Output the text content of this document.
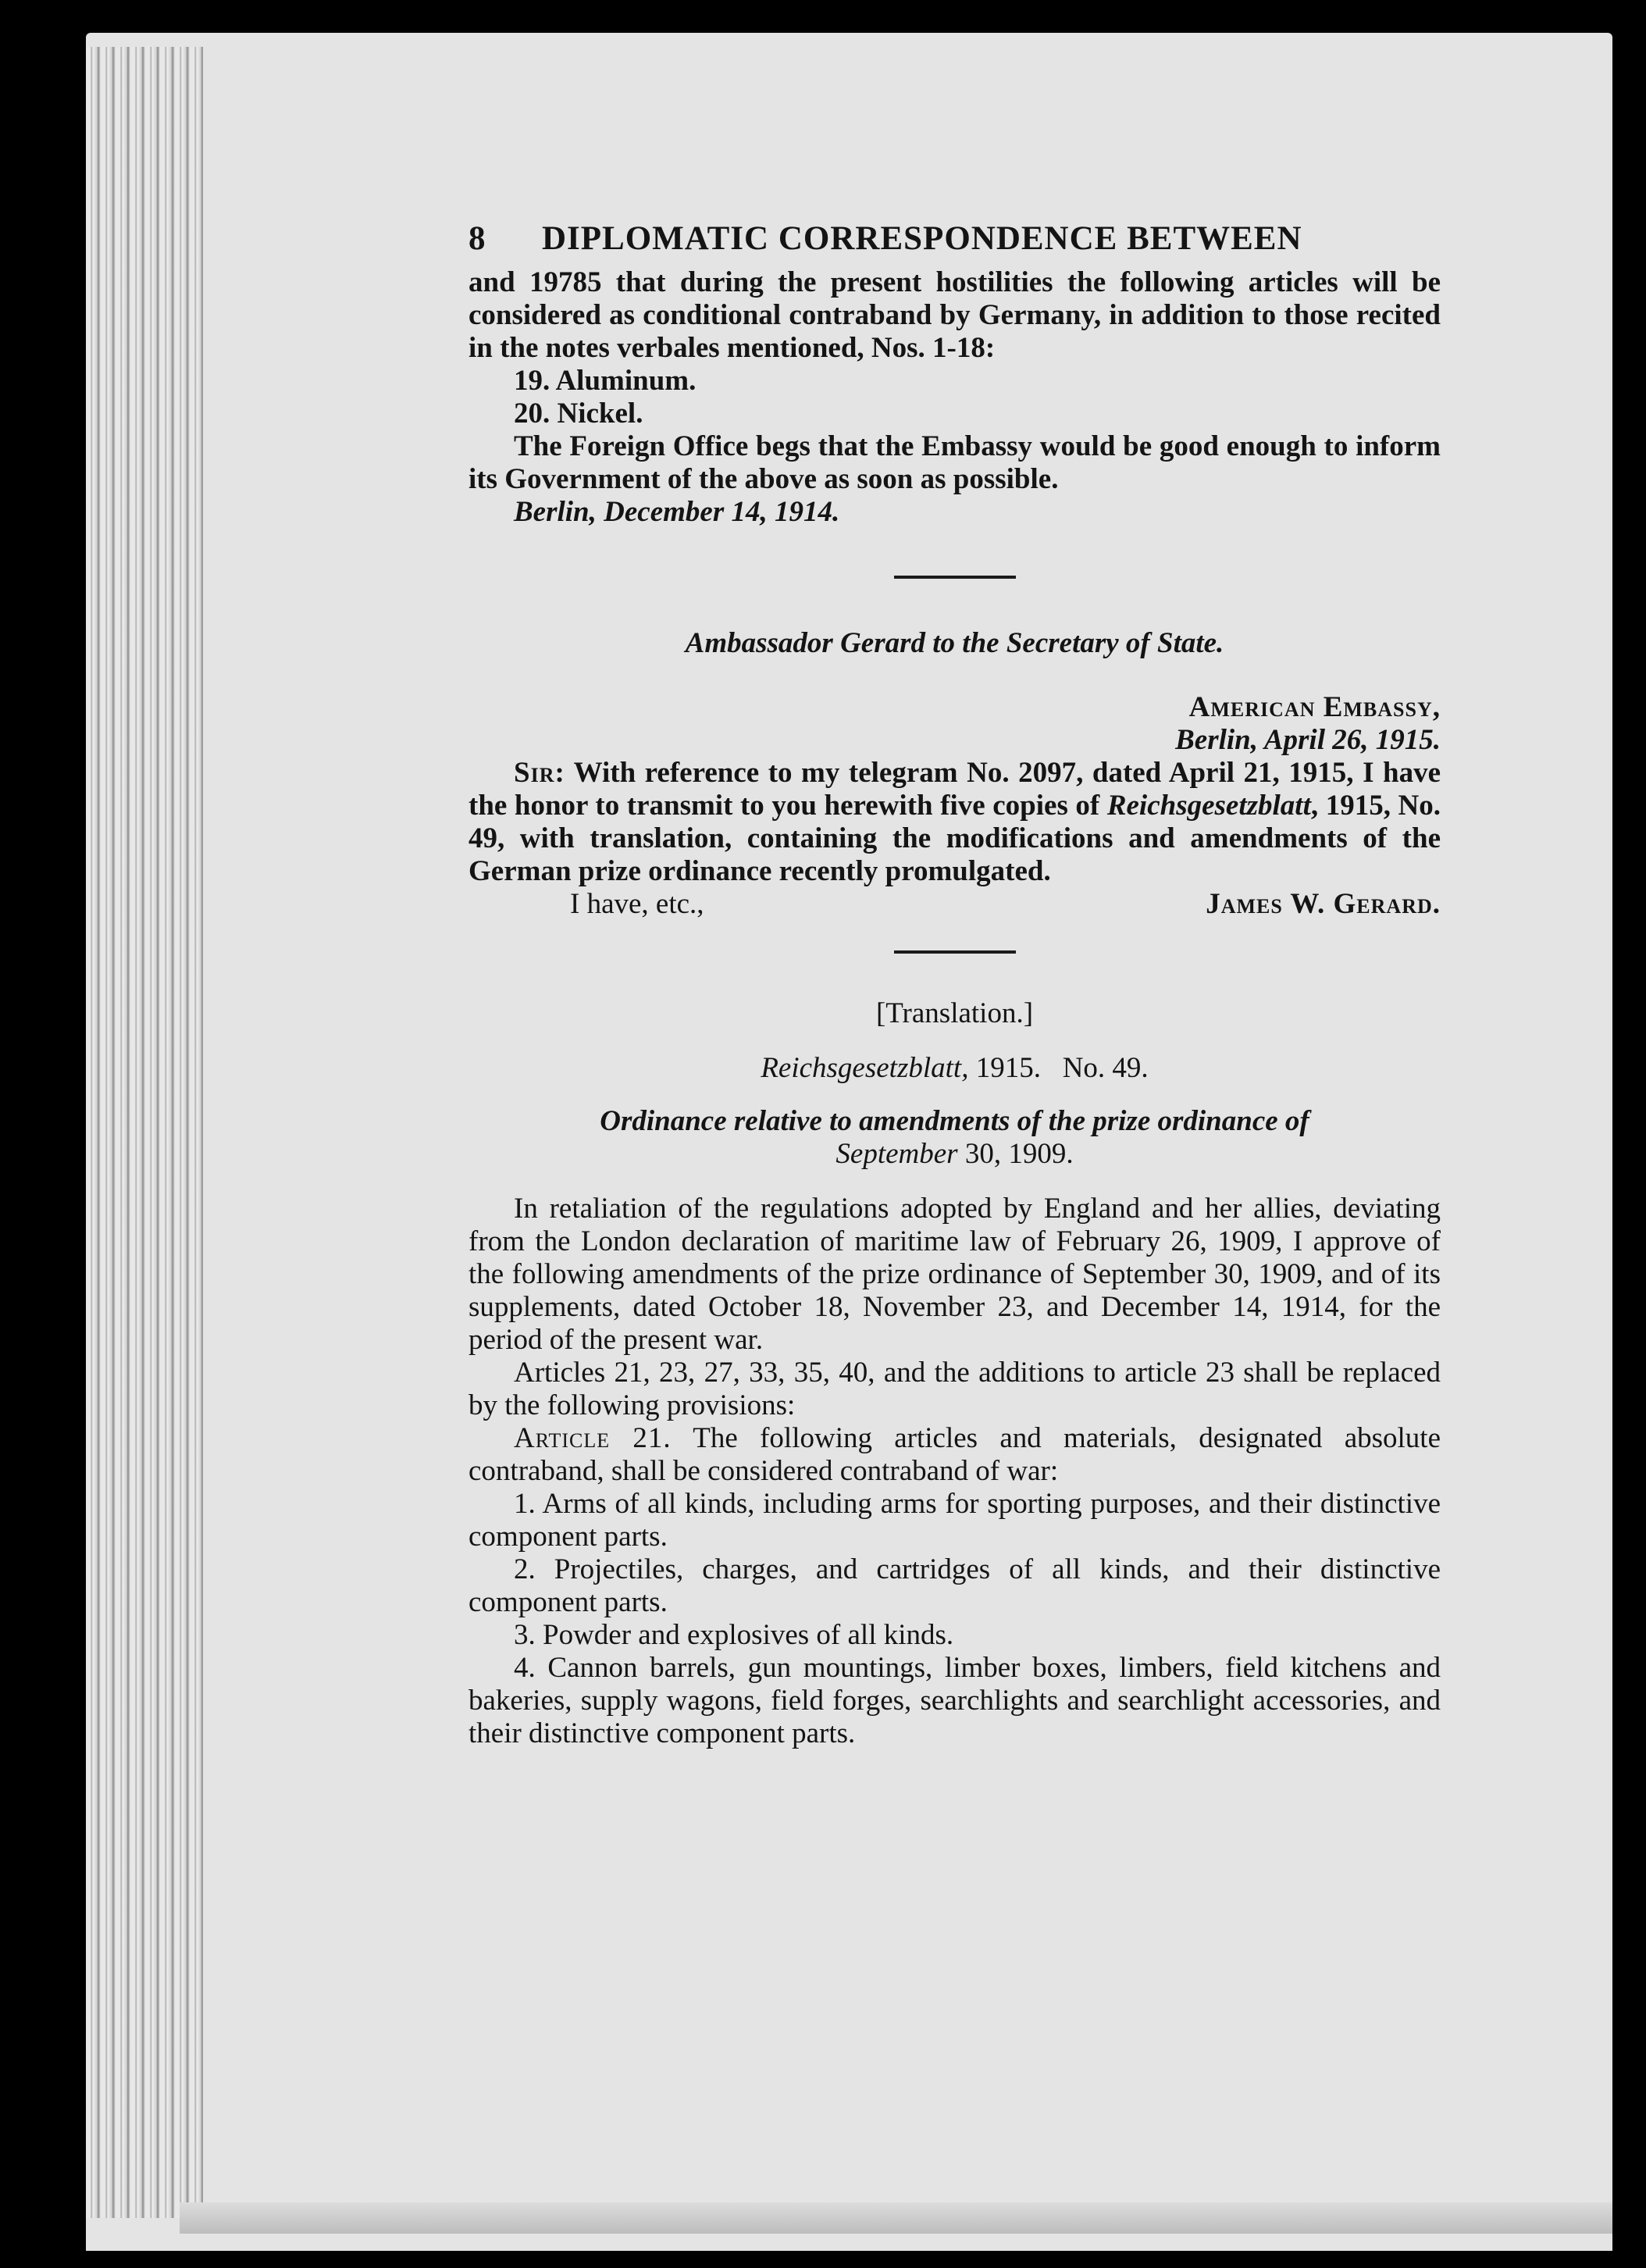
8	DIPLOMATIC CORRESPONDENCE BETWEEN

and 19785 that during the present hostilities the following articles will be considered as conditional contraband by Germany, in addition to those recited in the notes verbales mentioned, Nos. 1-18:

19. Aluminum.

20. Nickel.

The Foreign Office begs that the Embassy would be good enough to inform its Government of the above as soon as possible.

Berlin, December 14, 1914.

Ambassador Gerard to the Secretary of State.

American Embassy,

Berlin, April 26, 1915.

Sir: With reference to my telegram No. 2097, dated April 21, 1915, I have the honor to transmit to you herewith five copies of Reichsgesetzblatt, 1915, No. 49, with translation, containing the modifications and amendments of the German prize ordinance recently promulgated.

I have, etc.,	James W. Gerard.

[Translation.]

Reichsgesetzblatt, 1915.   No. 49.

Ordinance relative to amendments of the prize ordinance of

September 30, 1909.

In retaliation of the regulations adopted by England and her allies, deviating from the London declaration of maritime law of February 26, 1909, I approve of the following amendments of the prize ordinance of September 30, 1909, and of its supplements, dated October 18, November 23, and December 14, 1914, for the period of the present war.

Articles 21, 23, 27, 33, 35, 40, and the additions to article 23 shall be replaced by the following provisions:

Article 21. The following articles and materials, designated absolute contraband, shall be considered contraband of war:

1. Arms of all kinds, including arms for sporting purposes, and their distinctive component parts.

2. Projectiles, charges, and cartridges of all kinds, and their distinctive component parts.

3. Powder and explosives of all kinds.

4. Cannon barrels, gun mountings, limber boxes, limbers, field kitchens and bakeries, supply wagons, field forges, searchlights and searchlight accessories, and their distinctive component parts.
